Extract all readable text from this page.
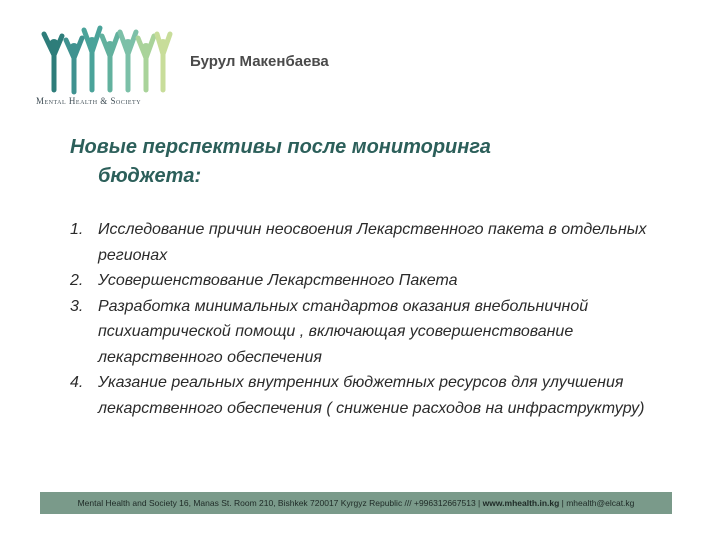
Mental Health & Society
Бурул Макенбаева
Новые перспективы после мониторинга
бюджета:
1. Исследование причин неосвоения Лекарственного пакета в отдельных регионах
2. Усовершенствование Лекарственного Пакета
3. Разработка минимальных стандартов оказания внебольничной психиатрической помощи , включающая усовершенствование лекарственного обеспечения
4. Указание реальных внутренних бюджетных ресурсов для улучшения лекарственного обеспечения ( снижение расходов на инфраструктуру)
Mental Health and Society 16, Manas St. Room 210, Bishkek 720017 Kyrgyz Republic /// +996312667513 | www.mhealth.in.kg | mhealth@elcat.kg
